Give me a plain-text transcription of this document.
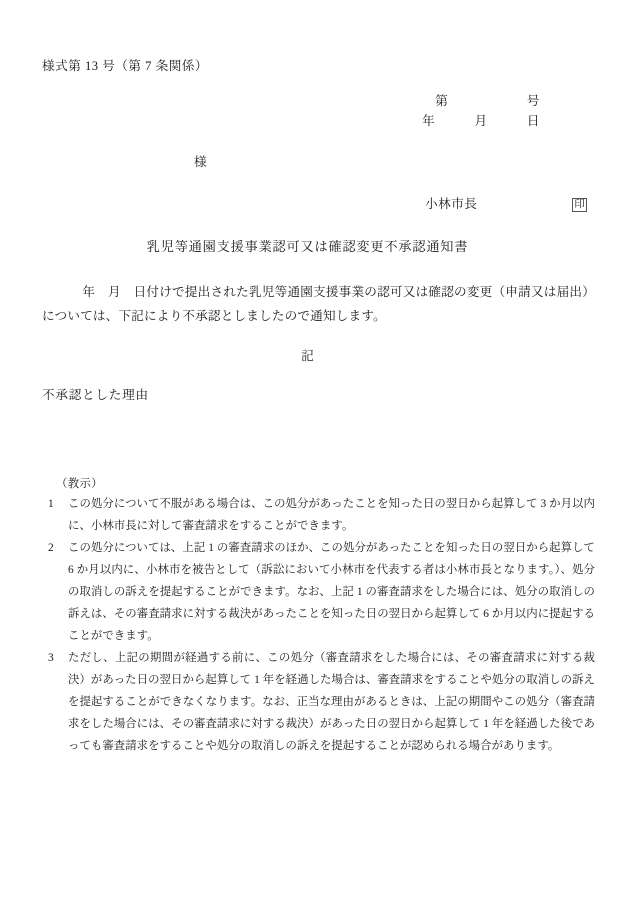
様式第 13 号（第 7 条関係）
第　　　　　　号
年　　　月　　　日
様
小林市長	印
乳児等通園支援事業認可又は確認変更不承認通知書
年　月　日付けで提出された乳児等通園支援事業の認可又は確認の変更（申請又は届出）については、下記により不承認としましたので通知します。
記
不承認とした理由
（教示）
1	この処分について不服がある場合は、この処分があったことを知った日の翌日から起算して 3 か月以内に、小林市長に対して審査請求をすることができます。
2	この処分については、上記 1 の審査請求のほか、この処分があったことを知った日の翌日から起算して 6 か月以内に、小林市を被告として（訴訟において小林市を代表する者は小林市長となります。）、処分の取消しの訴えを提起することができます。なお、上記 1 の審査請求をした場合には、処分の取消しの訴えは、その審査請求に対する裁決があったことを知った日の翌日から起算して 6 か月以内に提起することができます。
3	ただし、上記の期間が経過する前に、この処分（審査請求をした場合には、その審査請求に対する裁決）があった日の翌日から起算して 1 年を経過した場合は、審査請求をすることや処分の取消しの訴えを提起することができなくなります。なお、正当な理由があるときは、上記の期間やこの処分（審査請求をした場合には、その審査請求に対する裁決）があった日の翌日から起算して 1 年を経過した後であっても審査請求をすることや処分の取消しの訴えを提起することが認められる場合があります。
